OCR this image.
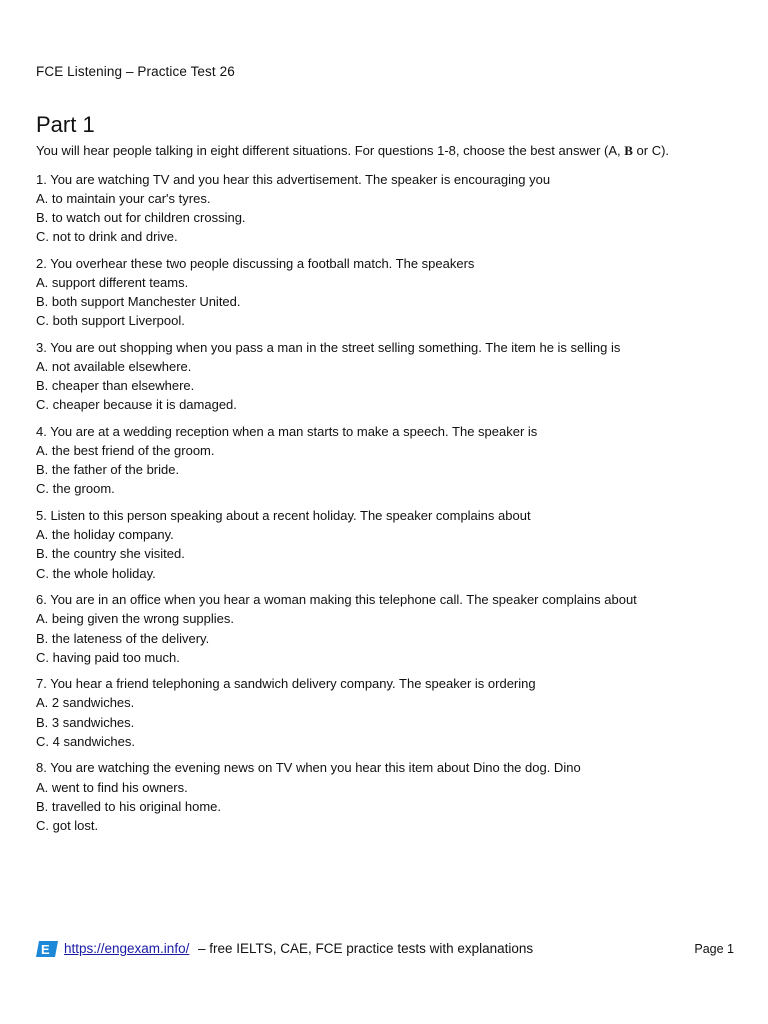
FCE Listening – Practice Test 26
Part 1
You will hear people talking in eight different situations. For questions 1-8, choose the best answer (A, B or C).
1. You are watching TV and you hear this advertisement. The speaker is encouraging you
A. to maintain your car's tyres.
B. to watch out for children crossing.
C. not to drink and drive.
2. You overhear these two people discussing a football match. The speakers
A. support different teams.
B. both support Manchester United.
C. both support Liverpool.
3. You are out shopping when you pass a man in the street selling something. The item he is selling is
A. not available elsewhere.
B. cheaper than elsewhere.
C. cheaper because it is damaged.
4. You are at a wedding reception when a man starts to make a speech. The speaker is
A. the best friend of the groom.
B. the father of the bride.
C. the groom.
5. Listen to this person speaking about a recent holiday. The speaker complains about
A. the holiday company.
B. the country she visited.
C. the whole holiday.
6. You are in an office when you hear a woman making this telephone call. The speaker complains about
A. being given the wrong supplies.
B. the lateness of the delivery.
C. having paid too much.
7. You hear a friend telephoning a sandwich delivery company. The speaker is ordering
A. 2 sandwiches.
B. 3 sandwiches.
C. 4 sandwiches.
8. You are watching the evening news on TV when you hear this item about Dino the dog. Dino
A. went to find his owners.
B. travelled to his original home.
C. got lost.
E https://engexam.info/ – free IELTS, CAE, FCE practice tests with explanations	Page 1
